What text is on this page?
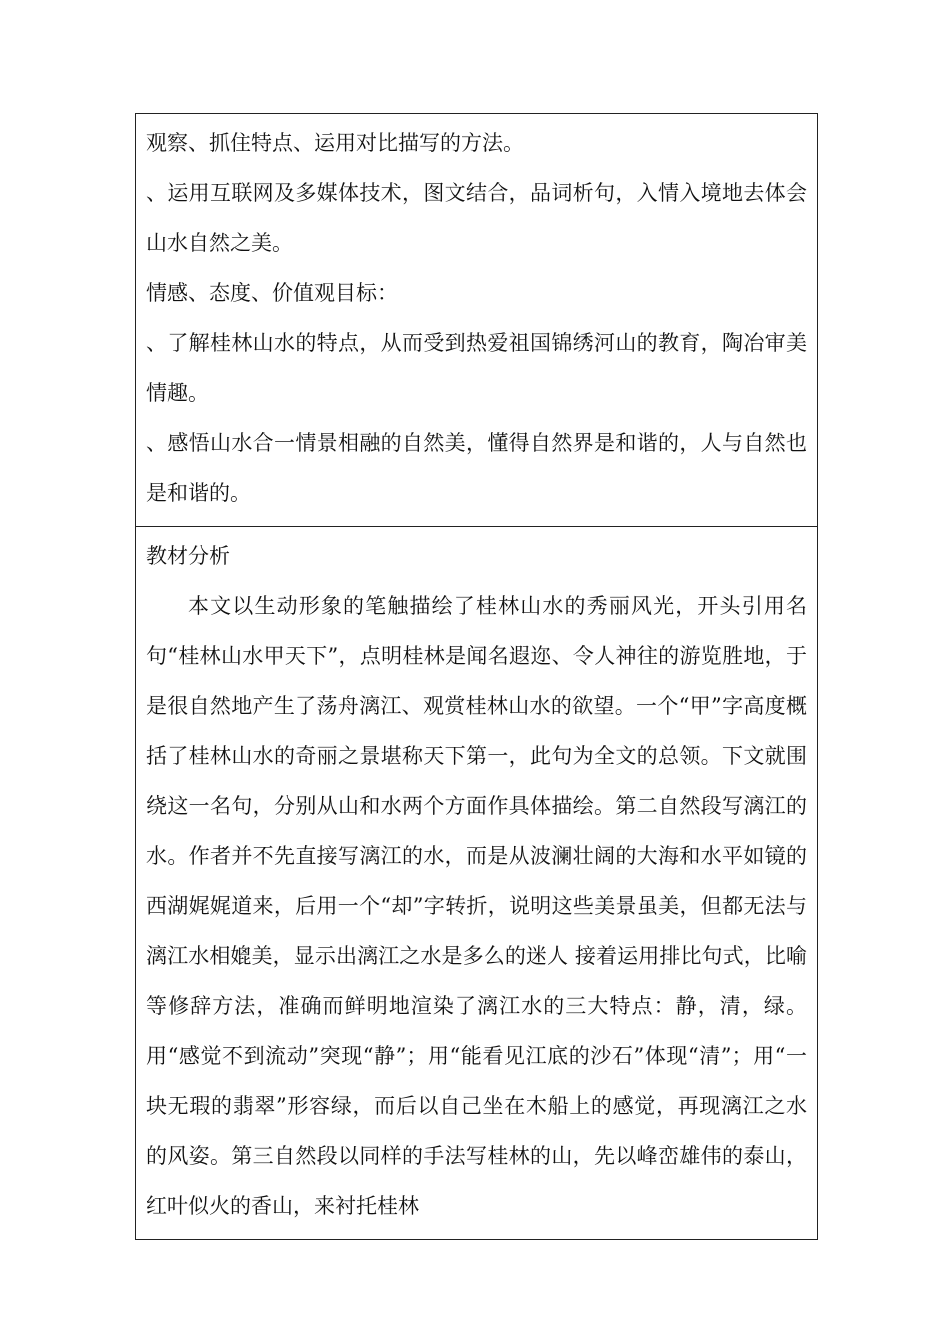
观察、抓住特点、运用对比描写的方法。

、运用互联网及多媒体技术，图文结合，品词析句，入情入境地去体会山水自然之美。

情感、态度、价值观目标：

、了解桂林山水的特点，从而受到热爱祖国锦绣河山的教育，陶冶审美情趣。

、感悟山水合一情景相融的自然美，懂得自然界是和谐的，人与自然也是和谐的。

教材分析

本文以生动形象的笔触描绘了桂林山水的秀丽风光，开头引用名句“桂林山水甲天下”，点明桂林是闻名遐迩、令人神往的游览胜地，于是很自然地产生了荡舟漓江、观赏桂林山水的欲望。一个“甲”字高度概括了桂林山水的奇丽之景堪称天下第一，此句为全文的总领。下文就围绕这一名句，分别从山和水两个方面作具体描绘。第二自然段写漓江的水。作者并不先直接写漓江的水，而是从波澜壮阔的大海和水平如镜的西湖娓娓道来，后用一个“却”字转折，说明这些美景虽美，但都无法与漓江水相媲美，显示出漓江之水是多么的迷人 接着运用排比句式，比喻等修辞方法，准确而鲜明地渲染了漓江水的三大特点：静，清，绿。用“感觉不到流动”突现“静”；用“能看见江底的沙石”体现“清”；用“一块无瑕的翡翠”形容绿，而后以自己坐在木船上的感觉，再现漓江之水的风姿。第三自然段以同样的手法写桂林的山，先以峰峦雄伟的泰山，红叶似火的香山，来衬托桂林
